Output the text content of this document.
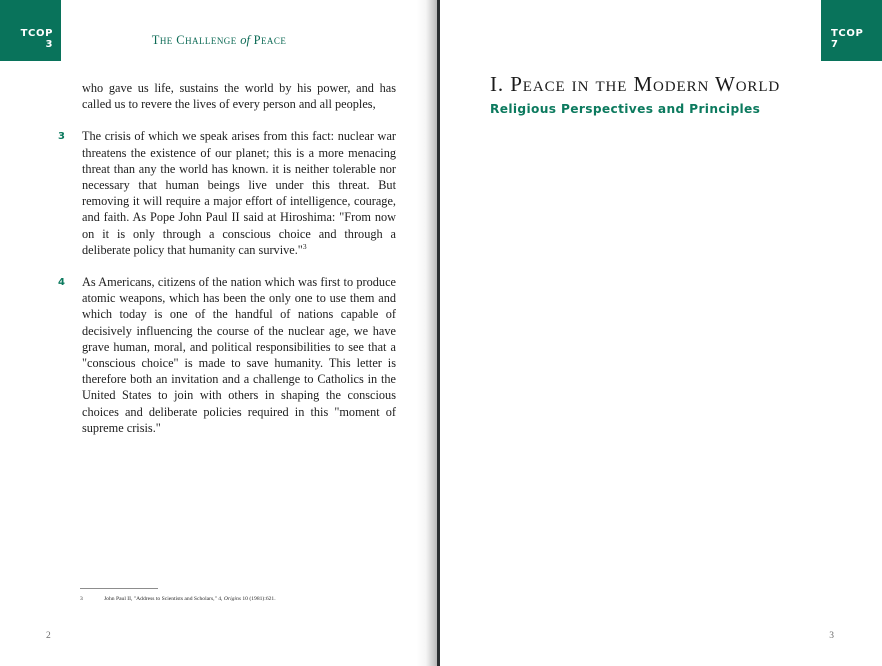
TCOP
3	The Challenge of Peace

who gave us life, sustains the world by his power, and has called us to revere the lives of every person and all peoples,

3	The crisis of which we speak arises from this fact: nuclear war threatens the existence of our planet; this is a more menacing threat than any the world has known. it is neither tolerable nor necessary that human beings live under this threat. But removing it will require a major effort of intelligence, courage, and faith. As Pope John Paul II said at Hiroshima: "From now on it is only through a conscious choice and through a deliberate policy that humanity can survive."$^3$

4	As Americans, citizens of the nation which was first to produce atomic weapons, which has been the only one to use them and which today is one of the handful of nations capable of decisively influencing the course of the nuclear age, we have grave human, moral, and political responsibilities to see that a "conscious choice" is made to save humanity. This letter is therefore both an invitation and a challenge to Catholics in the United States to join with others in shaping the conscious choices and deliberate policies required in this "moment of supreme crisis."

3	John Paul II, "Address to Scientists and Scholars," 4, Origins 10 (1981):621.
2
TCOP
7
I. Peace in the Modern World

Religious Perspectives and Principles

3
